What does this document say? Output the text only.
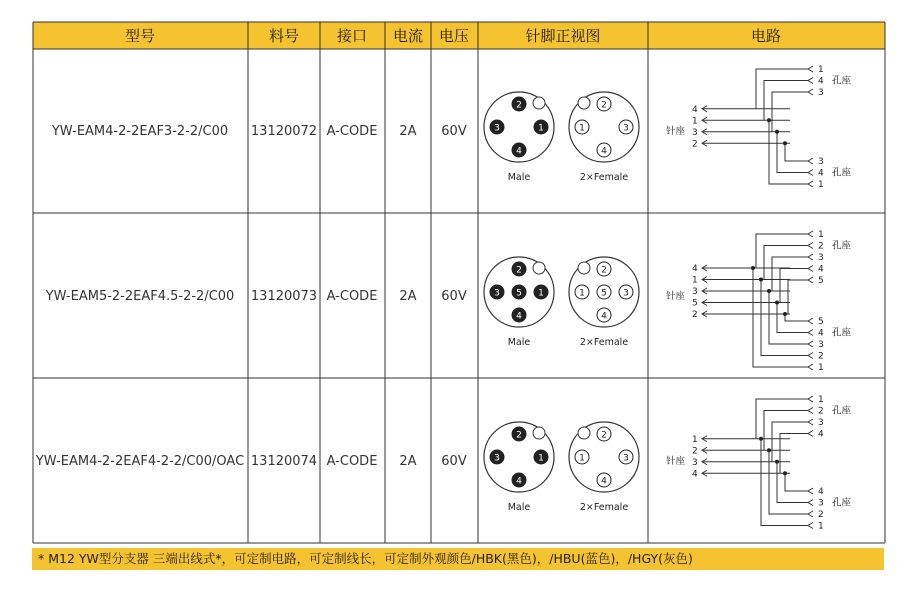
型号	料号	接口 电流 电压	针脚正视图	电路
YW-EAM4-2-2EAF3-2-2/C00 13120072 A-CODE 2A 60V
YW-EAM5-2-2EAF4.5-2-2/C00 13120073 A-CODE 2A 60V
YW-EAM4-2-2EAF4-2-2/C00/OAC 13120074 A-CODE 2A 60V
2
3	1
4
2
1	3
4
Male	2×Female
2
3 5 1
4
2
1 5 3
4
Male	2×Female
2
3	1
4
2
1	3
4
Male	2×Female
针座
4
1
3
2
1
4
3
孔座
3
4
1
孔座
针座
4
1
3
5
2
1
2
3
4
5
孔座
5
4
3
2
1
孔座
针座
1
2
3
4
1
2
3
4
孔座
4
3
2
1
孔座
* M12 YW型分支器 三端出线式*，可定制电路，可定制线长，可定制外观颜色/HBK(黑色)，/HBU(蓝色)，/HGY(灰色)
